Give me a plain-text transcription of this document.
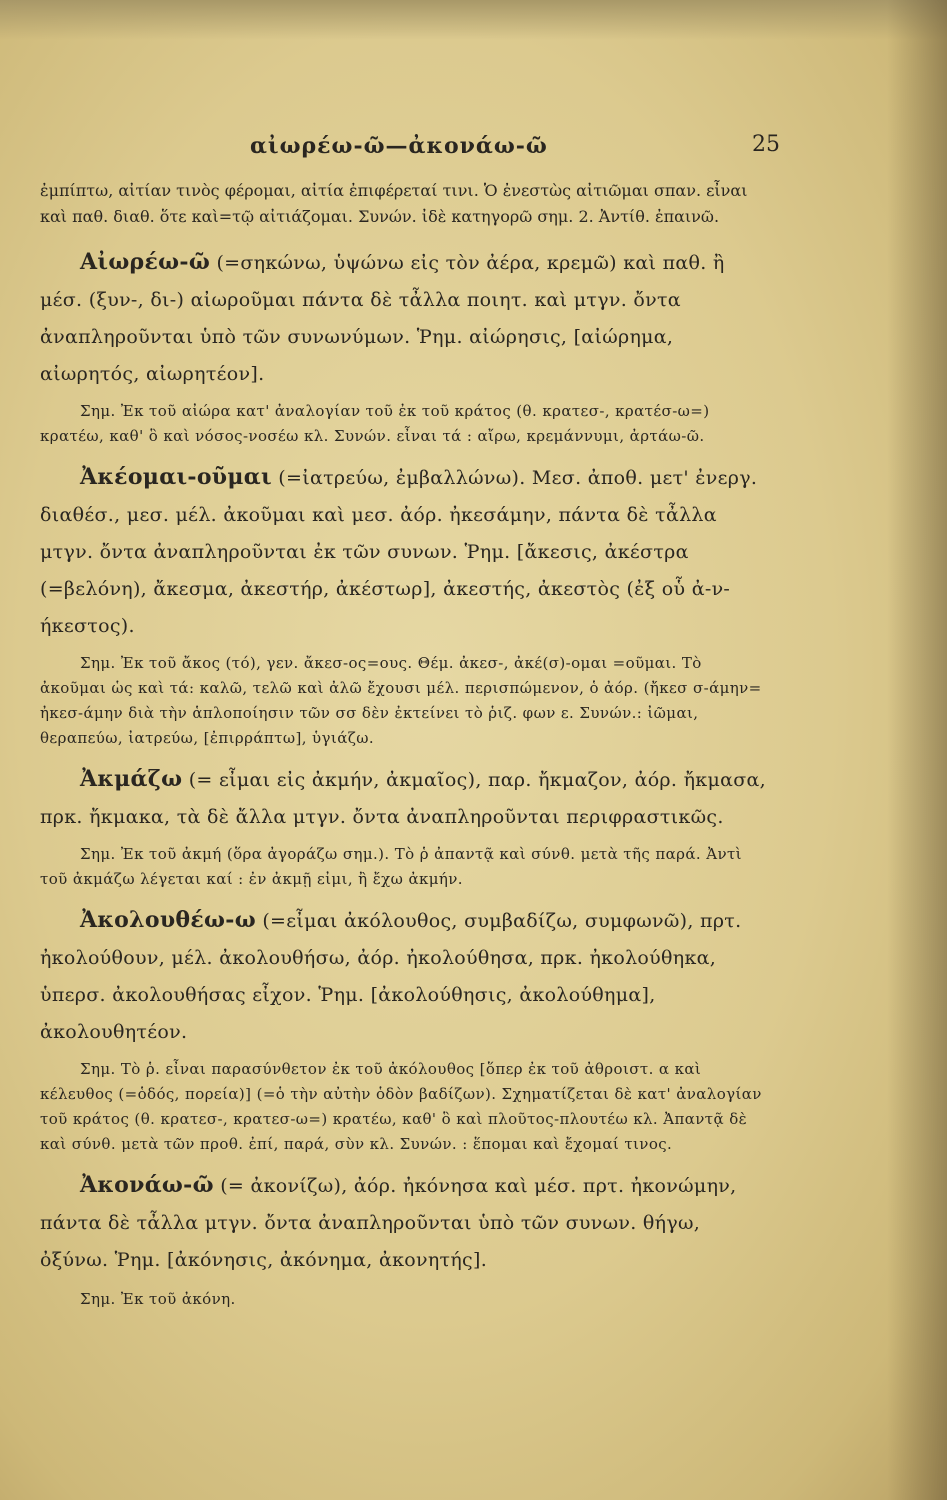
αἰωρέω-ῶ—ἀκονάω-ῶ	25

ἐμπίπτω, αἰτίαν τινὸς φέρομαι, αἰτία ἐπιφέρεταί τινι. Ὁ ἐνεστὼς αἰτιῶμαι σπαν. εἶναι καὶ παθ. διαθ. ὅτε καὶ=τῷ αἰτιάζομαι. Συνών. ἰδὲ κατηγορῶ σημ. 2. Ἀντίθ. ἐπαινῶ.

Αἰωρέω-ῶ (=σηκώνω, ὑψώνω εἰς τὸν ἀέρα, κρεμῶ) καὶ παθ. ἢ μέσ. (ξυν-, δι-) αἰωροῦμαι πάντα δὲ τἆλλα ποιητ. καὶ μτγν. ὄντα ἀναπληροῦνται ὑπὸ τῶν συνωνύμων. Ῥημ. αἰώρησις, [αἰώρημα, αἰωρητός, αἰωρητέον].

Σημ. Ἐκ τοῦ αἰώρα κατ' ἀναλογίαν τοῦ ἐκ τοῦ κράτος (θ. κρατεσ-, κρατέσ-ω=) κρατέω, καθ' ὃ καὶ νόσος-νοσέω κλ. Συνών. εἶναι τά : αἴρω, κρεμάννυμι, ἀρτάω-ῶ.

Ἀκέομαι-οῦμαι (=ἰατρεύω, ἐμβαλλώνω). Μεσ. ἀποθ. μετ' ἐνεργ. διαθέσ., μεσ. μέλ. ἀκοῦμαι καὶ μεσ. ἀόρ. ἠκεσάμην, πάντα δὲ τἆλλα μτγν. ὄντα ἀναπληροῦνται ἐκ τῶν συνων. Ῥημ. [ἄκεσις, ἀκέστρα (=βελόνη), ἄκεσμα, ἀκεστήρ, ἀκέστωρ], ἀκεστής, ἀκεστὸς (ἐξ οὗ ἀ-ν-ήκεστος).

Σημ. Ἐκ τοῦ ἄκος (τό), γεν. ἄκεσ-ος=ους. Θέμ. ἀκεσ-, ἀκέ(σ)-ομαι =οῦμαι. Τὸ ἀκοῦμαι ὡς καὶ τά: καλῶ, τελῶ καὶ ἀλῶ ἔχουσι μέλ. περισπώμενον, ὁ ἀόρ. (ἤκεσ σ-άμην= ἠκεσ-άμην διὰ τὴν ἁπλοποίησιν τῶν σσ δὲν ἐκτείνει τὸ ῥιζ. φων ε. Συνών.: ἰῶμαι, θεραπεύω, ἰατρεύω, [ἐπιρράπτω], ὑγιάζω.

Ἀκμάζω (= εἶμαι εἰς ἀκμήν, ἀκμαῖος), παρ. ἤκμαζον, ἀόρ. ἤκμασα, πρκ. ἤκμακα, τὰ δὲ ἄλλα μτγν. ὄντα ἀναπληροῦνται περιφραστικῶς.

Σημ. Ἐκ τοῦ ἀκμή (ὅρα ἀγοράζω σημ.). Τὸ ῥ ἀπαντᾷ καὶ σύνθ. μετὰ τῆς παρά. Ἀντὶ τοῦ ἀκμάζω λέγεται καί : ἐν ἀκμῇ εἰμι, ἢ ἔχω ἀκμήν.

Ἀκολουθέω-ω (=εἶμαι ἀκόλουθος, συμβαδίζω, συμφωνῶ), πρτ. ἠκολούθουν, μέλ. ἀκολουθήσω, ἀόρ. ἠκολούθησα, πρκ. ἠκολούθηκα, ὑπερσ. ἀκολουθήσας εἶχον. Ῥημ. [ἀκολούθησις, ἀκολούθημα], ἀκολουθητέον.

Σημ. Τὸ ῥ. εἶναι παρασύνθετον ἐκ τοῦ ἀκόλουθος [ὅπερ ἐκ τοῦ ἀθροιστ. α καὶ κέλευθος (=ὁδός, πορεία)] (=ὁ τὴν αὐτὴν ὁδὸν βαδίζων). Σχηματίζεται δὲ κατ' ἀναλογίαν τοῦ κράτος (θ. κρατεσ-, κρατεσ-ω=) κρατέω, καθ' ὃ καὶ πλοῦτος-πλουτέω κλ. Ἀπαντᾷ δὲ καὶ σύνθ. μετὰ τῶν προθ. ἐπί, παρά, σὺν κλ. Συνών. : ἕπομαι καὶ ἔχομαί τινος.

Ἀκονάω-ῶ (= ἀκονίζω), ἀόρ. ἠκόνησα καὶ μέσ. πρτ. ἠκονώμην, πάντα δὲ τἆλλα μτγν. ὄντα ἀναπληροῦνται ὑπὸ τῶν συνων. θήγω, ὀξύνω. Ῥημ. [ἀκόνησις, ἀκόνημα, ἀκονητής].

Σημ. Ἐκ τοῦ ἀκόνη.
